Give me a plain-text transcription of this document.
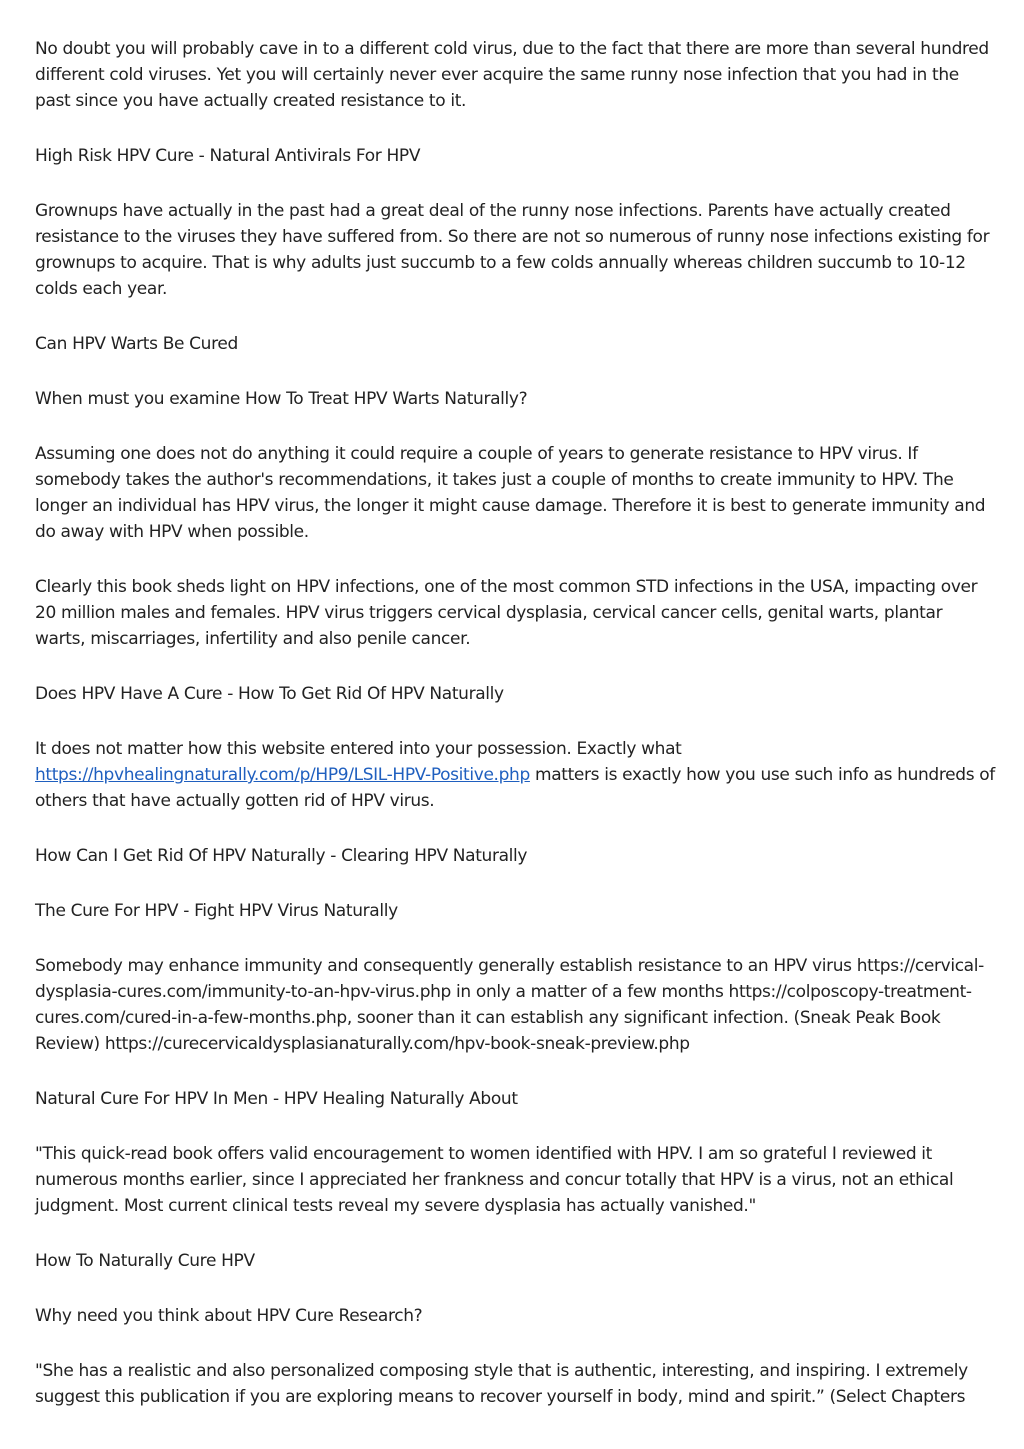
No doubt you will probably cave in to a different cold virus, due to the fact that there are more than several hundred different cold viruses. Yet you will certainly never ever acquire the same runny nose infection that you had in the past since you have actually created resistance to it.

High Risk HPV Cure - Natural Antivirals For HPV

Grownups have actually in the past had a great deal of the runny nose infections. Parents have actually created resistance to the viruses they have suffered from. So there are not so numerous of runny nose infections existing for grownups to acquire. That is why adults just succumb to a few colds annually whereas children succumb to 10-12 colds each year.

Can HPV Warts Be Cured

When must you examine How To Treat HPV Warts Naturally?

Assuming one does not do anything it could require a couple of years to generate resistance to HPV virus. If somebody takes the author's recommendations, it takes just a couple of months to create immunity to HPV. The longer an individual has HPV virus, the longer it might cause damage. Therefore it is best to generate immunity and do away with HPV when possible.

Clearly this book sheds light on HPV infections, one of the most common STD infections in the USA, impacting over 20 million males and females. HPV virus triggers cervical dysplasia, cervical cancer cells, genital warts, plantar warts, miscarriages, infertility and also penile cancer.

Does HPV Have A Cure - How To Get Rid Of HPV Naturally

It does not matter how this website entered into your possession. Exactly what https://hpvhealingnaturally.com/p/HP9/LSIL-HPV-Positive.php matters is exactly how you use such info as hundreds of others that have actually gotten rid of HPV virus.

How Can I Get Rid Of HPV Naturally - Clearing HPV Naturally

The Cure For HPV - Fight HPV Virus Naturally

Somebody may enhance immunity and consequently generally establish resistance to an HPV virus https://cervical-dysplasia-cures.com/immunity-to-an-hpv-virus.php in only a matter of a few months https://colposcopy-treatment-cures.com/cured-in-a-few-months.php, sooner than it can establish any significant infection. (Sneak Peak Book Review) https://curecervicaldysplasianaturally.com/hpv-book-sneak-preview.php

Natural Cure For HPV In Men - HPV Healing Naturally About

"This quick-read book offers valid encouragement to women identified with HPV. I am so grateful I reviewed it numerous months earlier, since I appreciated her frankness and concur totally that HPV is a virus, not an ethical judgment. Most current clinical tests reveal my severe dysplasia has actually vanished."

How To Naturally Cure HPV

Why need you think about HPV Cure Research?

"She has a realistic and also personalized composing style that is authentic, interesting, and inspiring. I extremely suggest this publication if you are exploring means to recover yourself in body, mind and spirit.” (Select Chapters
